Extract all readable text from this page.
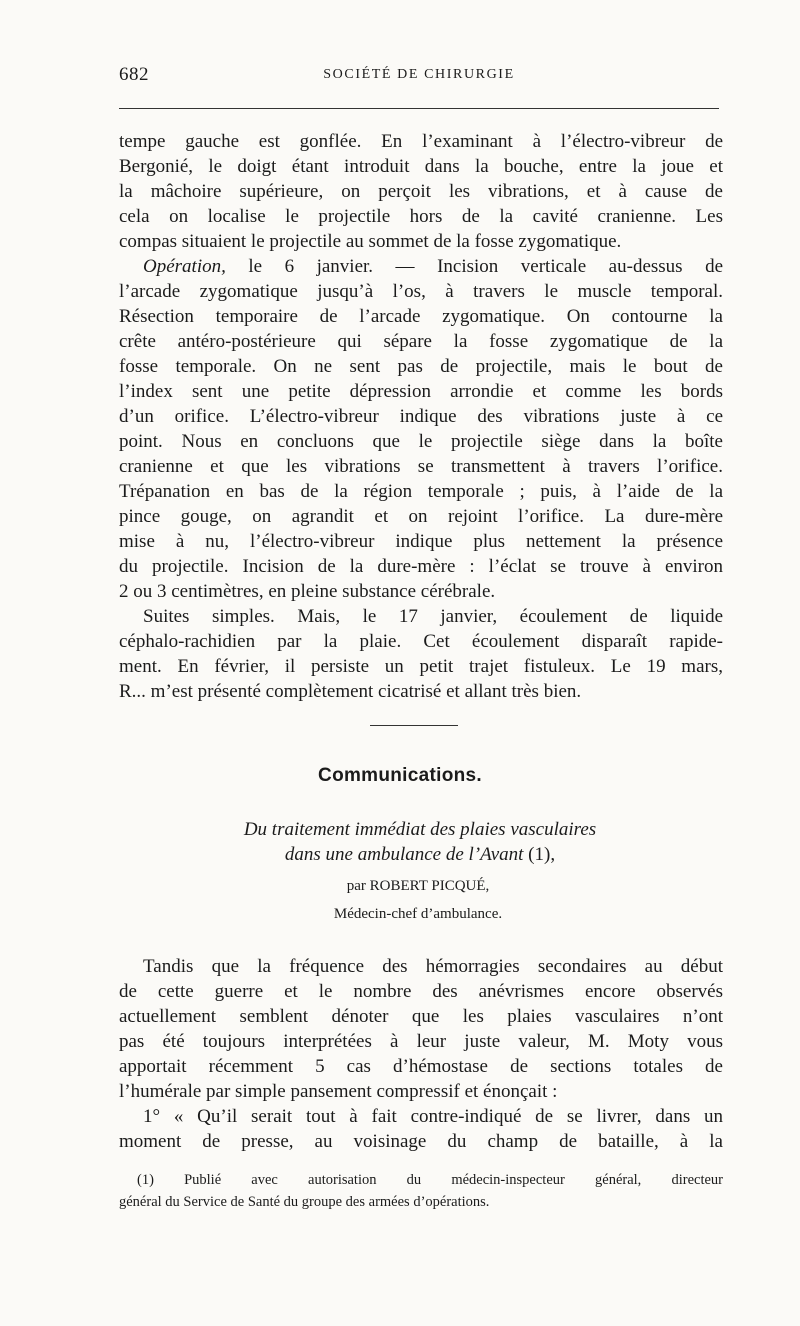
682	SOCIÉTÉ DE CHIRURGIE
tempe gauche est gonflée. En l’examinant à l’électro-vibreur de
Bergonié, le doigt étant introduit dans la bouche, entre la joue et
la mâchoire supérieure, on perçoit les vibrations, et à cause de
cela on localise le projectile hors de la cavité cranienne. Les
compas situaient le projectile au sommet de la fosse zygomatique.
Opération, le 6 janvier. — Incision verticale au-dessus de
l’arcade zygomatique jusqu’à l’os, à travers le muscle temporal.
Résection temporaire de l’arcade zygomatique. On contourne la
crête antéro-postérieure qui sépare la fosse zygomatique de la
fosse temporale. On ne sent pas de projectile, mais le bout de
l’index sent une petite dépression arrondie et comme les bords
d’un orifice. L’électro-vibreur indique des vibrations juste à ce
point. Nous en concluons que le projectile siège dans la boîte
cranienne et que les vibrations se transmettent à travers l’orifice.
Trépanation en bas de la région temporale ; puis, à l’aide de la
pince gouge, on agrandit et on rejoint l’orifice. La dure-mère
mise à nu, l’électro-vibreur indique plus nettement la présence
du projectile. Incision de la dure-mère : l’éclat se trouve à environ
2 ou 3 centimètres, en pleine substance cérébrale.
Suites simples. Mais, le 17 janvier, écoulement de liquide
céphalo-rachidien par la plaie. Cet écoulement disparaît rapide-
ment. En février, il persiste un petit trajet fistuleux. Le 19 mars,
R... m’est présenté complètement cicatrisé et allant très bien.
Communications.
Du traitement immédiat des plaies vasculaires
dans une ambulance de l’Avant (1),
par ROBERT PICQUÉ,
Médecin-chef d’ambulance.
Tandis que la fréquence des hémorragies secondaires au début
de cette guerre et le nombre des anévrismes encore observés
actuellement semblent dénoter que les plaies vasculaires n’ont
pas été toujours interprétées à leur juste valeur, M. Moty vous
apportait récemment 5 cas d’hémostase de sections totales de
l’humérale par simple pansement compressif et énonçait :
1° « Qu’il serait tout à fait contre-indiqué de se livrer, dans un
moment de presse, au voisinage du champ de bataille, à la
(1) Publié avec autorisation du médecin-inspecteur général, directeur
général du Service de Santé du groupe des armées d’opérations.
